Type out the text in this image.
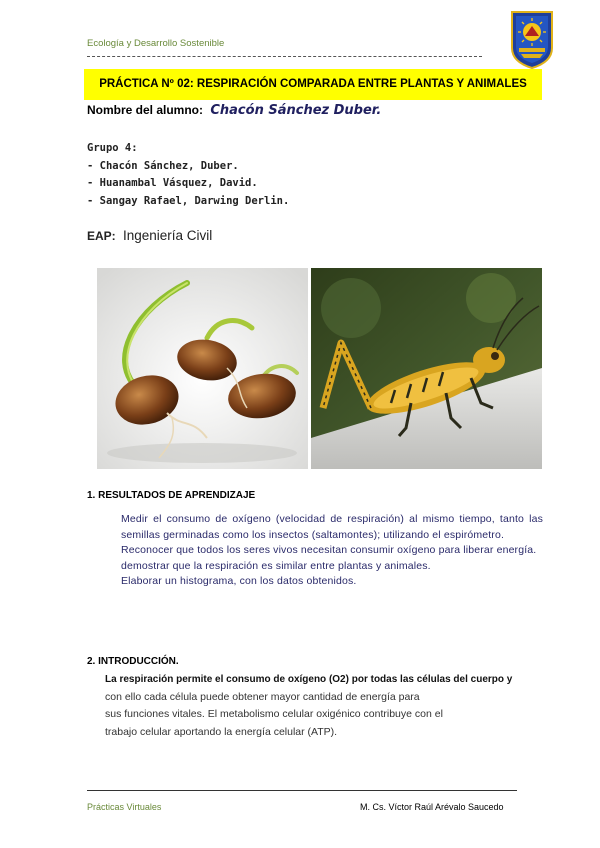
Ecología y Desarrollo Sostenible
PRÁCTICA Nº 02: RESPIRACIÓN COMPARADA ENTRE PLANTAS Y ANIMALES
Nombre del alumno: Chacón Sánchez Duber.
Grupo 4:
- Chacón Sánchez, Duber.
- Huanambal Vásquez, David.
- Sangay Rafael, Darwing Derlin.
EAP: Ingeniería Civil
1. RESULTADOS DE APRENDIZAJE
Medir el consumo de oxígeno (velocidad de respiración) al mismo tiempo, tanto las semillas germinadas como los insectos (saltamontes); utilizando el espirómetro.
Reconocer que todos los seres vivos necesitan consumir oxígeno para liberar energía.
demostrar que la respiración es similar entre plantas y animales.
Elaborar un histograma, con los datos obtenidos.
2. INTRODUCCIÓN.
La respiración permite el consumo de oxígeno (O2) por todas las células del cuerpo y
con ello cada célula puede obtener mayor cantidad de energía para
sus funciones vitales. El metabolismo celular oxigénico contribuye con el
trabajo celular aportando la energía celular (ATP).
Prácticas Virtuales	M. Cs. Víctor Raúl Arévalo Saucedo
